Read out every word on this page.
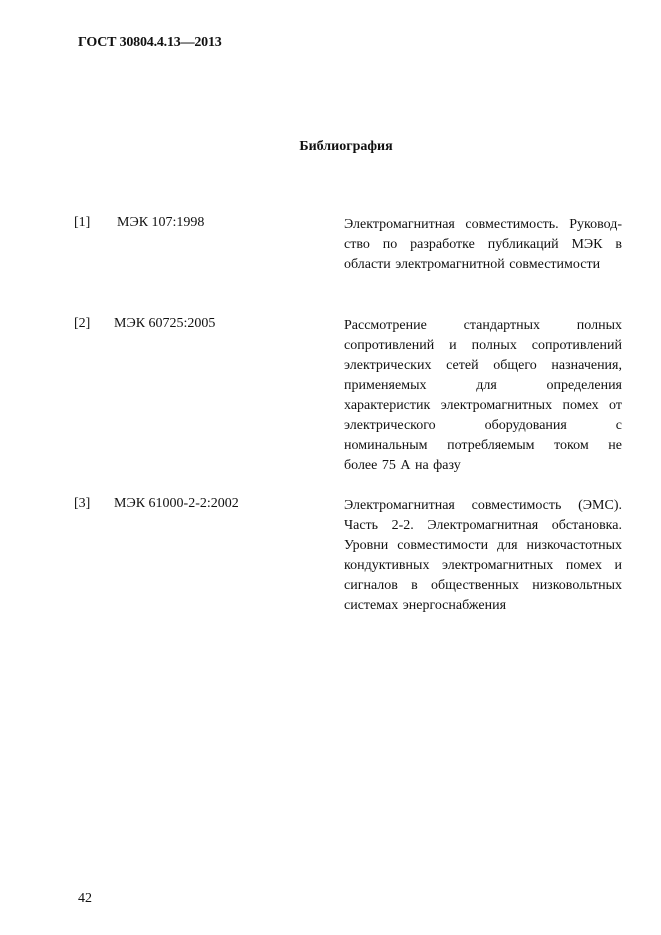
ГОСТ 30804.4.13—2013
Библиография
[1] МЭК 107:1998	Электромагнитная совместимость. Руковод-
ство по разработке публикаций МЭК в
области электромагнитной совместимости
[2] МЭК 60725:2005	Рассмотрение стандартных полных
сопротивлений и полных сопротивлений
электрических сетей общего назначения,
применяемых для определения
характеристик электромагнитных помех от
электрического оборудования с
номинальным потребляемым током не
более 75 А на фазу
[3] МЭК 61000-2-2:2002	Электромагнитная совместимость (ЭМС).
Часть 2-2. Электромагнитная обстановка.
Уровни совместимости для низкочастотных
кондуктивных электромагнитных помех и
сигналов в общественных низковольтных
системах энергоснабжения
42
